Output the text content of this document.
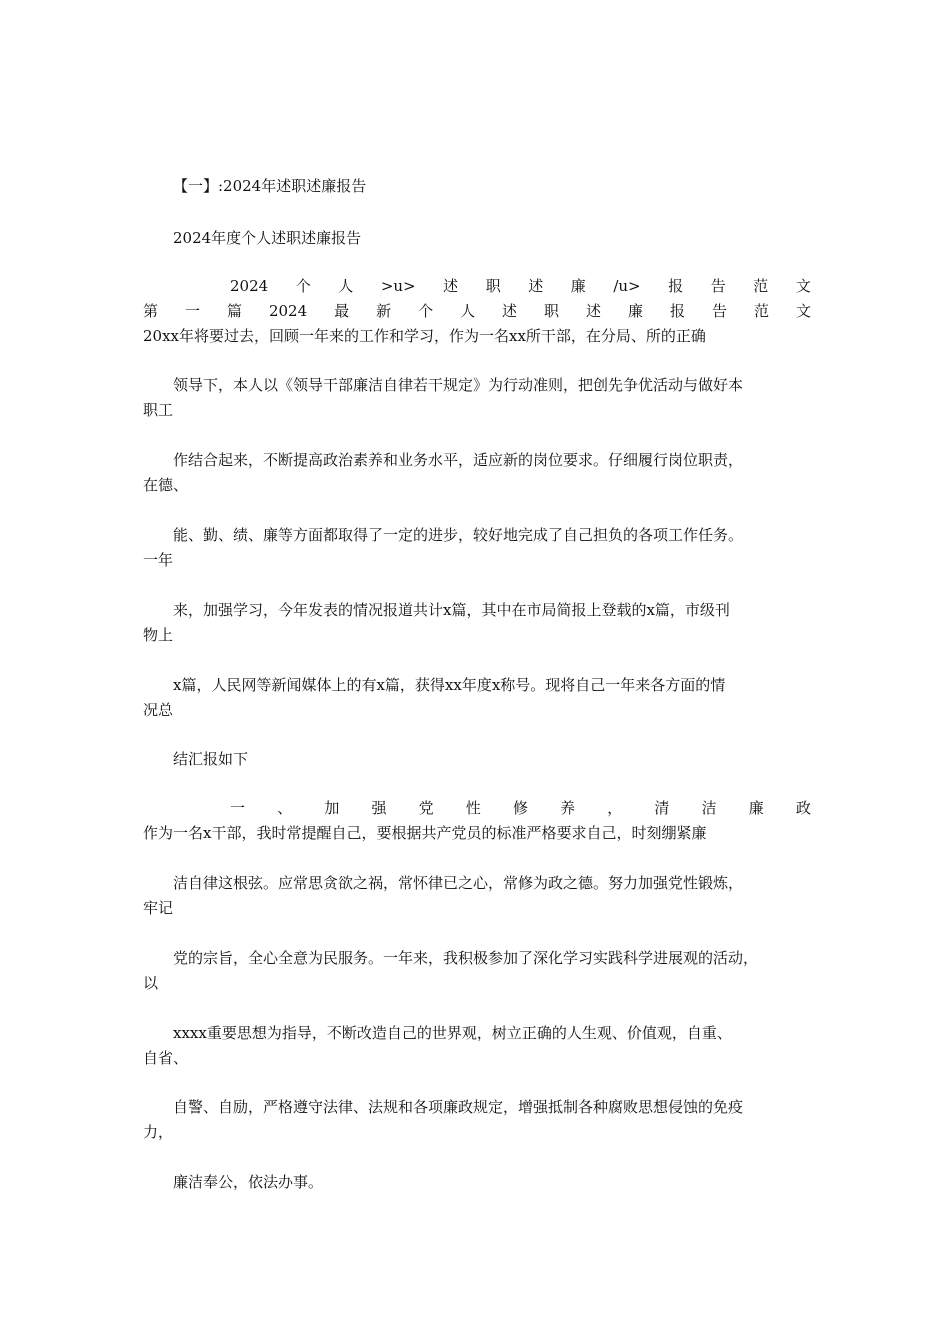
【一】:2024年述职述廉报告
2024年度个人述职述廉报告
2024 个 人 >u> 述 职 述 廉 /u> 报 告 范 文
第 一 篇 2024 最 新 个 人 述 职 述 廉 报 告 范 文
20xx年将要过去，回顾一年来的工作和学习，作为一名xx所干部，在分局、所的正确
领导下，本人以《领导干部廉洁自律若干规定》为行动准则，把创先争优活动与做好本
职工
作结合起来，不断提高政治素养和业务水平，适应新的岗位要求。仔细履行岗位职责，
在德、
能、勤、绩、廉等方面都取得了一定的进步，较好地完成了自己担负的各项工作任务。
一年
来，加强学习，今年发表的情况报道共计x篇，其中在市局简报上登载的x篇，市级刊
物上
x篇，人民网等新闻媒体上的有x篇，获得xx年度x称号。现将自己一年来各方面的情
况总
结汇报如下
一 、 加 强 党 性 修 养 ， 清 洁 廉 政
作为一名x干部，我时常提醒自己，要根据共产党员的标准严格要求自己，时刻绷紧廉
洁自律这根弦。应常思贪欲之祸，常怀律已之心，常修为政之德。努力加强党性锻炼，
牢记
党的宗旨，全心全意为民服务。一年来，我积极参加了深化学习实践科学进展观的活动，
以
xxxx重要思想为指导，不断改造自己的世界观，树立正确的人生观、价值观，自重、
自省、
自警、自励，严格遵守法律、法规和各项廉政规定，增强抵制各种腐败思想侵蚀的免疫
力，
廉洁奉公，依法办事。
